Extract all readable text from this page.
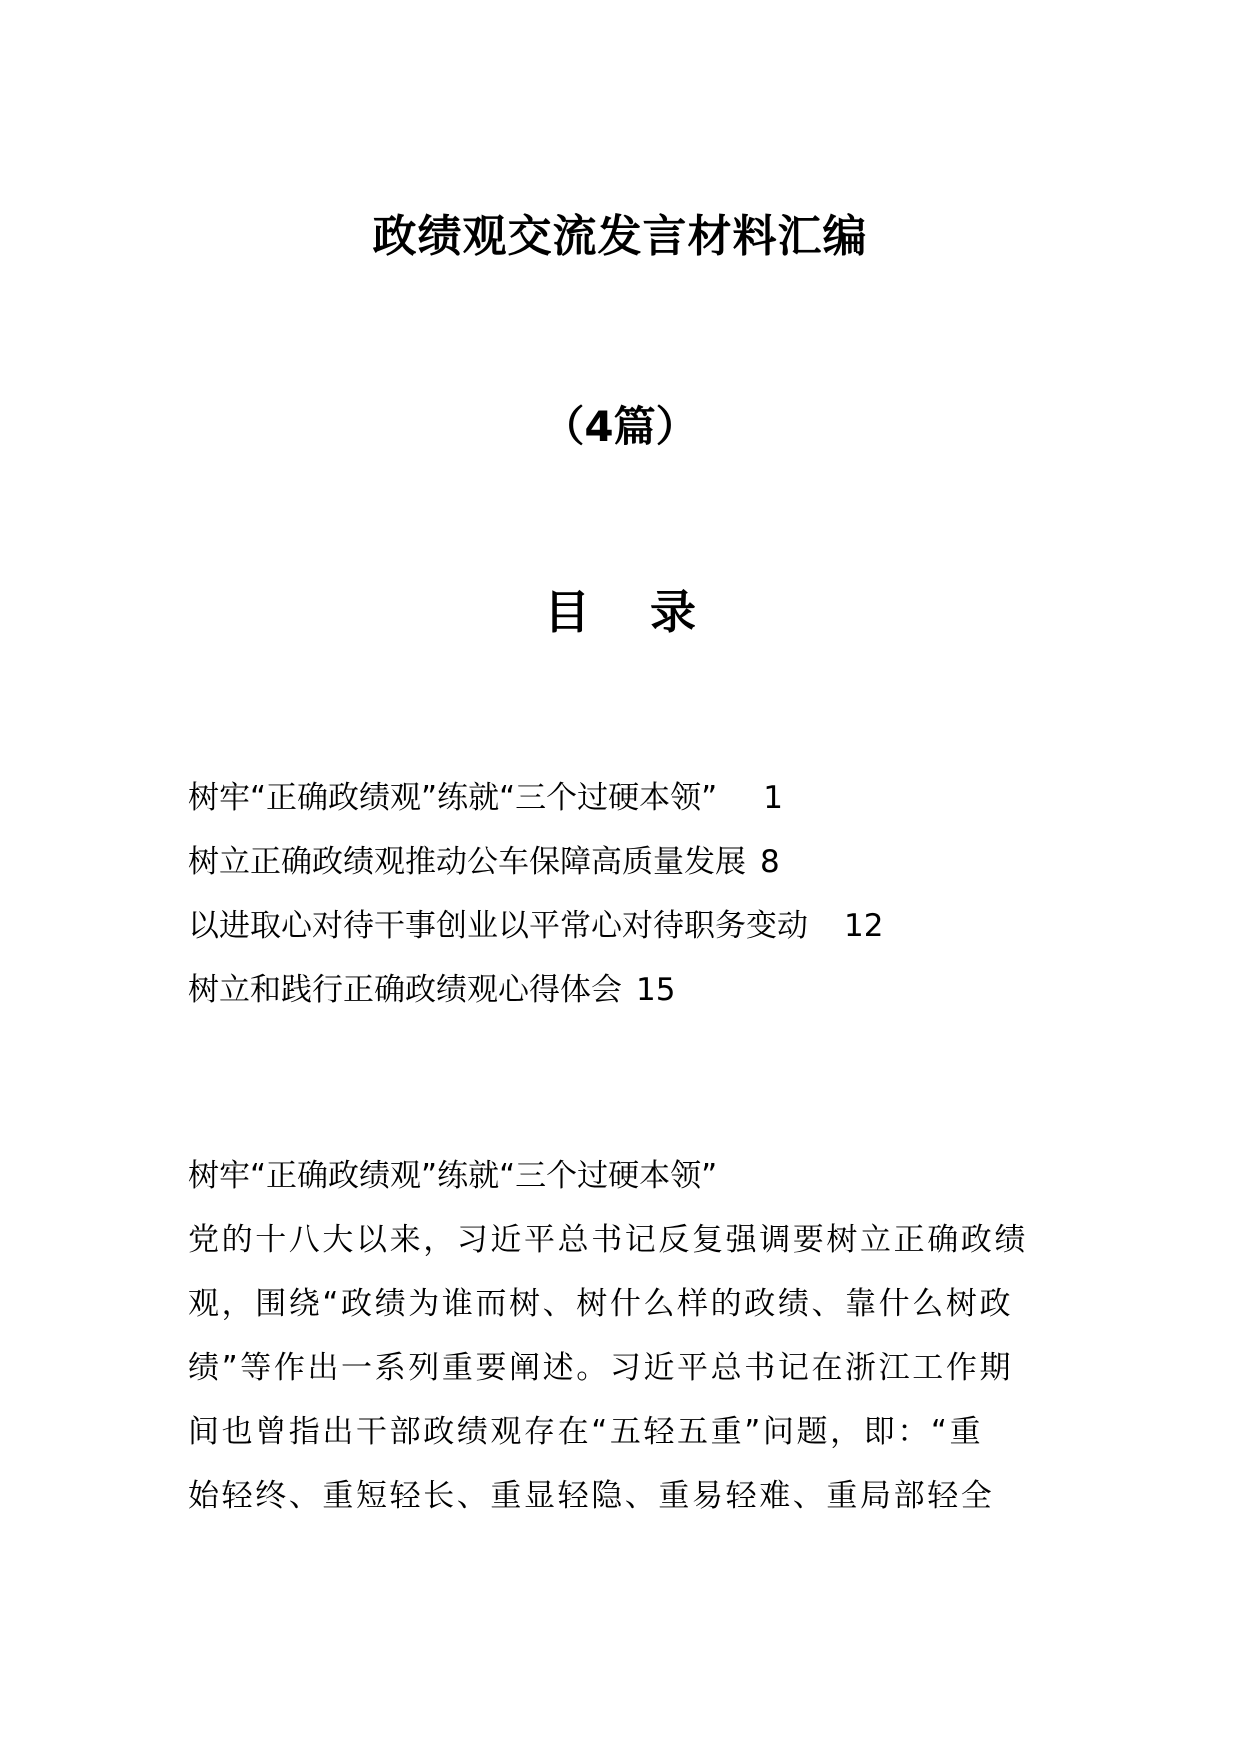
政绩观交流发言材料汇编
（4篇）
目 录
树牢“正确政绩观”练就“三个过硬本领” 1
树立正确政绩观推动公车保障高质量发展 8
以进取心对待干事创业以平常心对待职务变动 12
树立和践行正确政绩观心得体会 15
树牢“正确政绩观”练就“三个过硬本领”
党的十八大以来，习近平总书记反复强调要树立正确政绩
观，围绕“政绩为谁而树、树什么样的政绩、靠什么树政
绩”等作出一系列重要阐述。习近平总书记在浙江工作期
间也曾指出干部政绩观存在“五轻五重”问题，即：“重
始轻终、重短轻长、重显轻隐、重易轻难、重局部轻全
